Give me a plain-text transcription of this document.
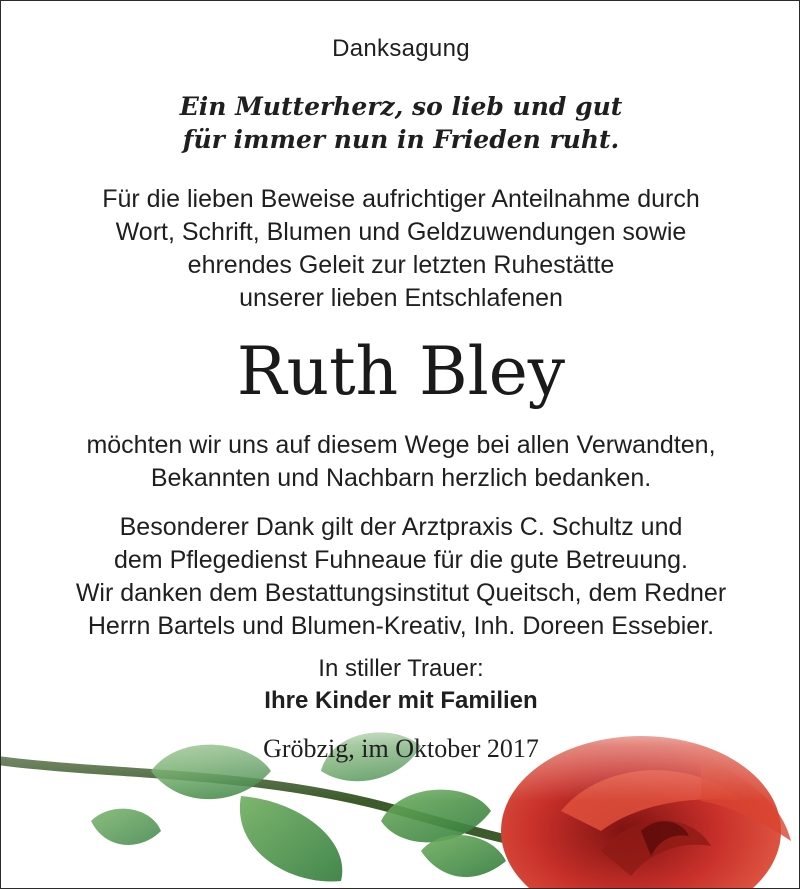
Danksagung
Ein Mutterherz, so lieb und gut
für immer nun in Frieden ruht.
Für die lieben Beweise aufrichtiger Anteilnahme durch
Wort, Schrift, Blumen und Geldzuwendungen sowie
ehrendes Geleit zur letzten Ruhestätte
unserer lieben Entschlafenen
Ruth Bley
möchten wir uns auf diesem Wege bei allen Verwandten,
Bekannten und Nachbarn herzlich bedanken.
Besonderer Dank gilt der Arztpraxis C. Schultz und
dem Pflegedienst Fuhneaue für die gute Betreuung.
Wir danken dem Bestattungsinstitut Queitsch, dem Redner
Herrn Bartels und Blumen-Kreativ, Inh. Doreen Essebier.
In stiller Trauer:
Ihre Kinder mit Familien
Gröbzig, im Oktober 2017
